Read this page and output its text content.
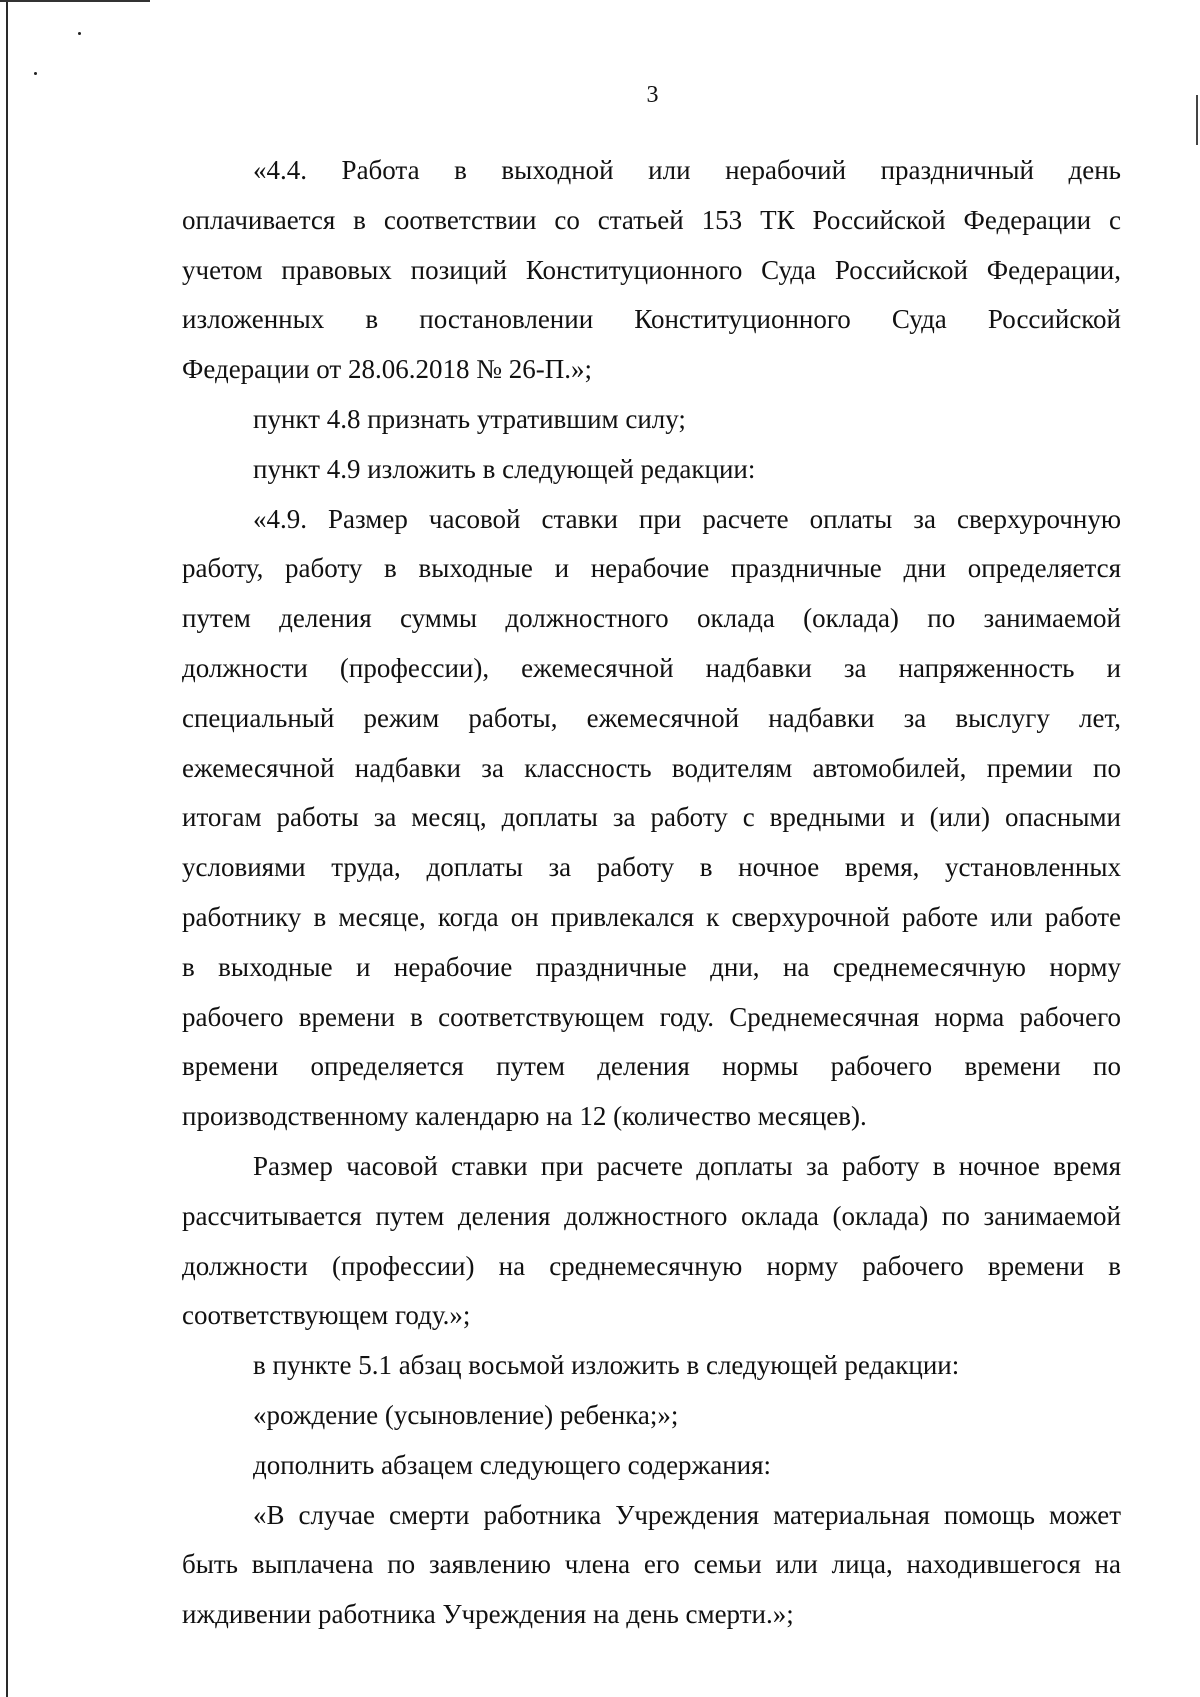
3

«4.4. Работа в выходной или нерабочий праздничный день

оплачивается в соответствии со статьей 153 ТК Российской Федерации с

учетом правовых позиций Конституционного Суда Российской Федерации,

изложенных в постановлении Конституционного Суда Российской

Федерации от 28.06.2018 № 26-П.»;

пункт 4.8 признать утратившим силу;

пункт 4.9 изложить в следующей редакции:

«4.9. Размер часовой ставки при расчете оплаты за сверхурочную

работу, работу в выходные и нерабочие праздничные дни определяется

путем деления суммы должностного оклада (оклада) по занимаемой

должности (профессии), ежемесячной надбавки за напряженность и

специальный режим работы, ежемесячной надбавки за выслугу лет,

ежемесячной надбавки за классность водителям автомобилей, премии по

итогам работы за месяц, доплаты за работу с вредными и (или) опасными

условиями труда, доплаты за работу в ночное время, установленных

работнику в месяце, когда он привлекался к сверхурочной работе или работе

в выходные и нерабочие праздничные дни, на среднемесячную норму

рабочего времени в соответствующем году. Среднемесячная норма рабочего

времени определяется путем деления нормы рабочего времени по

производственному календарю на 12 (количество месяцев).

Размер часовой ставки при расчете доплаты за работу в ночное время

рассчитывается путем деления должностного оклада (оклада) по занимаемой

должности (профессии) на среднемесячную норму рабочего времени в

соответствующем году.»;

в пункте 5.1 абзац восьмой изложить в следующей редакции:

«рождение (усыновление) ребенка;»;

дополнить абзацем следующего содержания:

«В случае смерти работника Учреждения материальная помощь может

быть выплачена по заявлению члена его семьи или лица, находившегося на

иждивении работника Учреждения на день смерти.»;
